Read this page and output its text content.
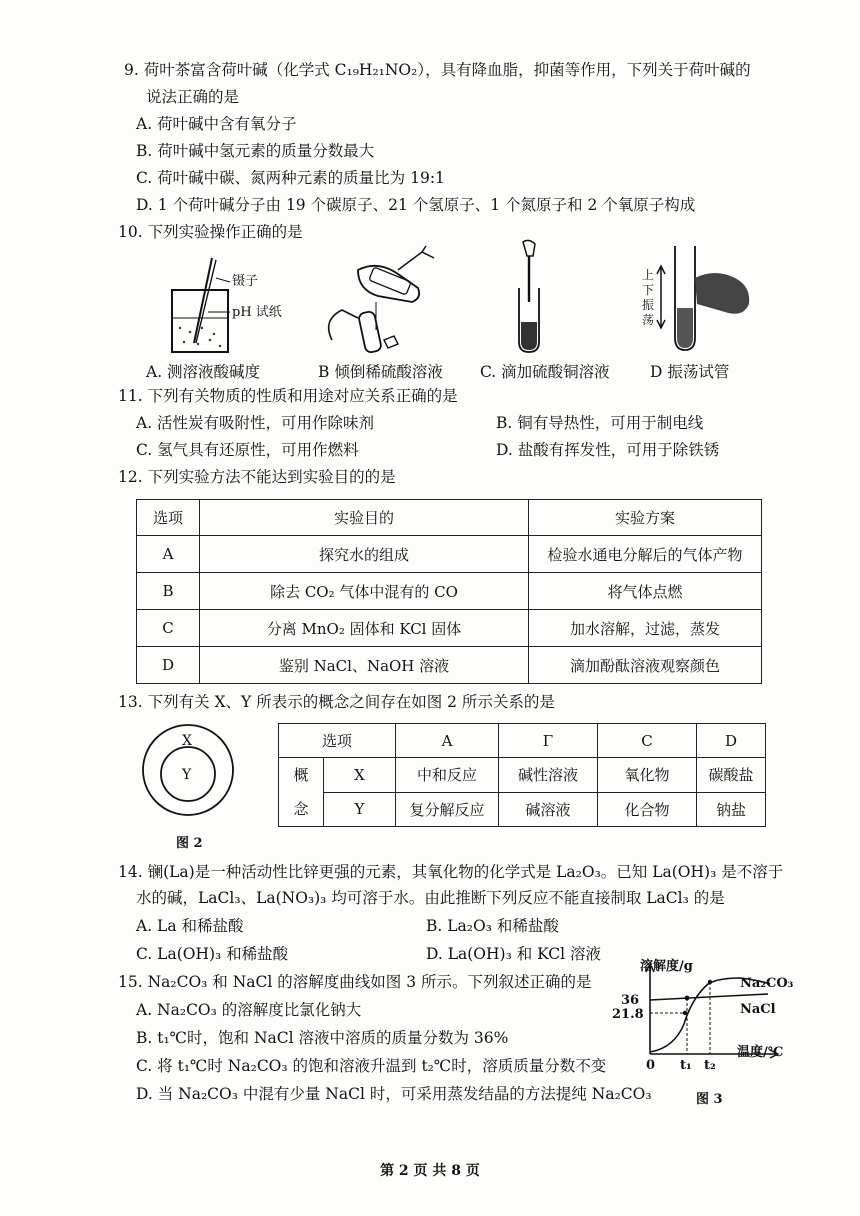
9. 荷叶茶富含荷叶碱（化学式 C₁₉H₂₁NO₂），具有降血脂，抑菌等作用，下列关于荷叶碱的
说法正确的是
A. 荷叶碱中含有氧分子
B. 荷叶碱中氢元素的质量分数最大
C. 荷叶碱中碳、氮两种元素的质量比为 19:1
D. 1 个荷叶碱分子由 19 个碳原子、21 个氢原子、1 个氮原子和 2 个氧原子构成
10. 下列实验操作正确的是
镊子
pH 试纸
上下振荡
A. 测溶液酸碱度	B 倾倒稀硫酸溶液 C. 滴加硫酸铜溶液	D 振荡试管
11. 下列有关物质的性质和用途对应关系正确的是
A. 活性炭有吸附性，可用作除味剂	B. 铜有导热性，可用于制电线
C. 氢气具有还原性，可用作燃料	D. 盐酸有挥发性，可用于除铁锈
12. 下列实验方法不能达到实验目的的是
选项	实验目的	实验方案
A	探究水的组成	检验水通电分解后的气体产物
B	除去 CO₂ 气体中混有的 CO	将气体点燃
C	分离 MnO₂ 固体和 KCl 固体	加水溶解，过滤，蒸发
D	鉴别 NaCl、NaOH 溶液	滴加酚酞溶液观察颜色
13. 下列有关 X、Y 所表示的概念之间存在如图 2 所示关系的是
X
Y
图 2
选项		A	Γ	C	D

概
念	X	中和反应	碱性溶液	氧化物	碳酸盐
	Y	复分解反应	碱溶液	化合物	钠盐
14. 镧(La)是一种活动性比锌更强的元素，其氧化物的化学式是 La₂O₃。已知 La(OH)₃ 是不溶于
水的碱，LaCl₃、La(NO₃)₃ 均可溶于水。由此推断下列反应不能直接制取 LaCl₃ 的是
A. La 和稀盐酸	B. La₂O₃ 和稀盐酸
C. La(OH)₃ 和稀盐酸	D. La(OH)₃ 和 KCl 溶液
15. Na₂CO₃ 和 NaCl 的溶解度曲线如图 3 所示。下列叙述正确的是
A. Na₂CO₃ 的溶解度比氯化钠大
B. t₁℃时，饱和 NaCl 溶液中溶质的质量分数为 36%
C. 将 t₁℃时 Na₂CO₃ 的饱和溶液升温到 t₂℃时，溶质质量分数不变
D. 当 Na₂CO₃ 中混有少量 NaCl 时，可采用蒸发结晶的方法提纯 Na₂CO₃
溶解度/g
温度/℃
36
21.8
0 t₁ t₂
Na₂CO₃
NaCl
图 3
第 2 页 共 8 页
